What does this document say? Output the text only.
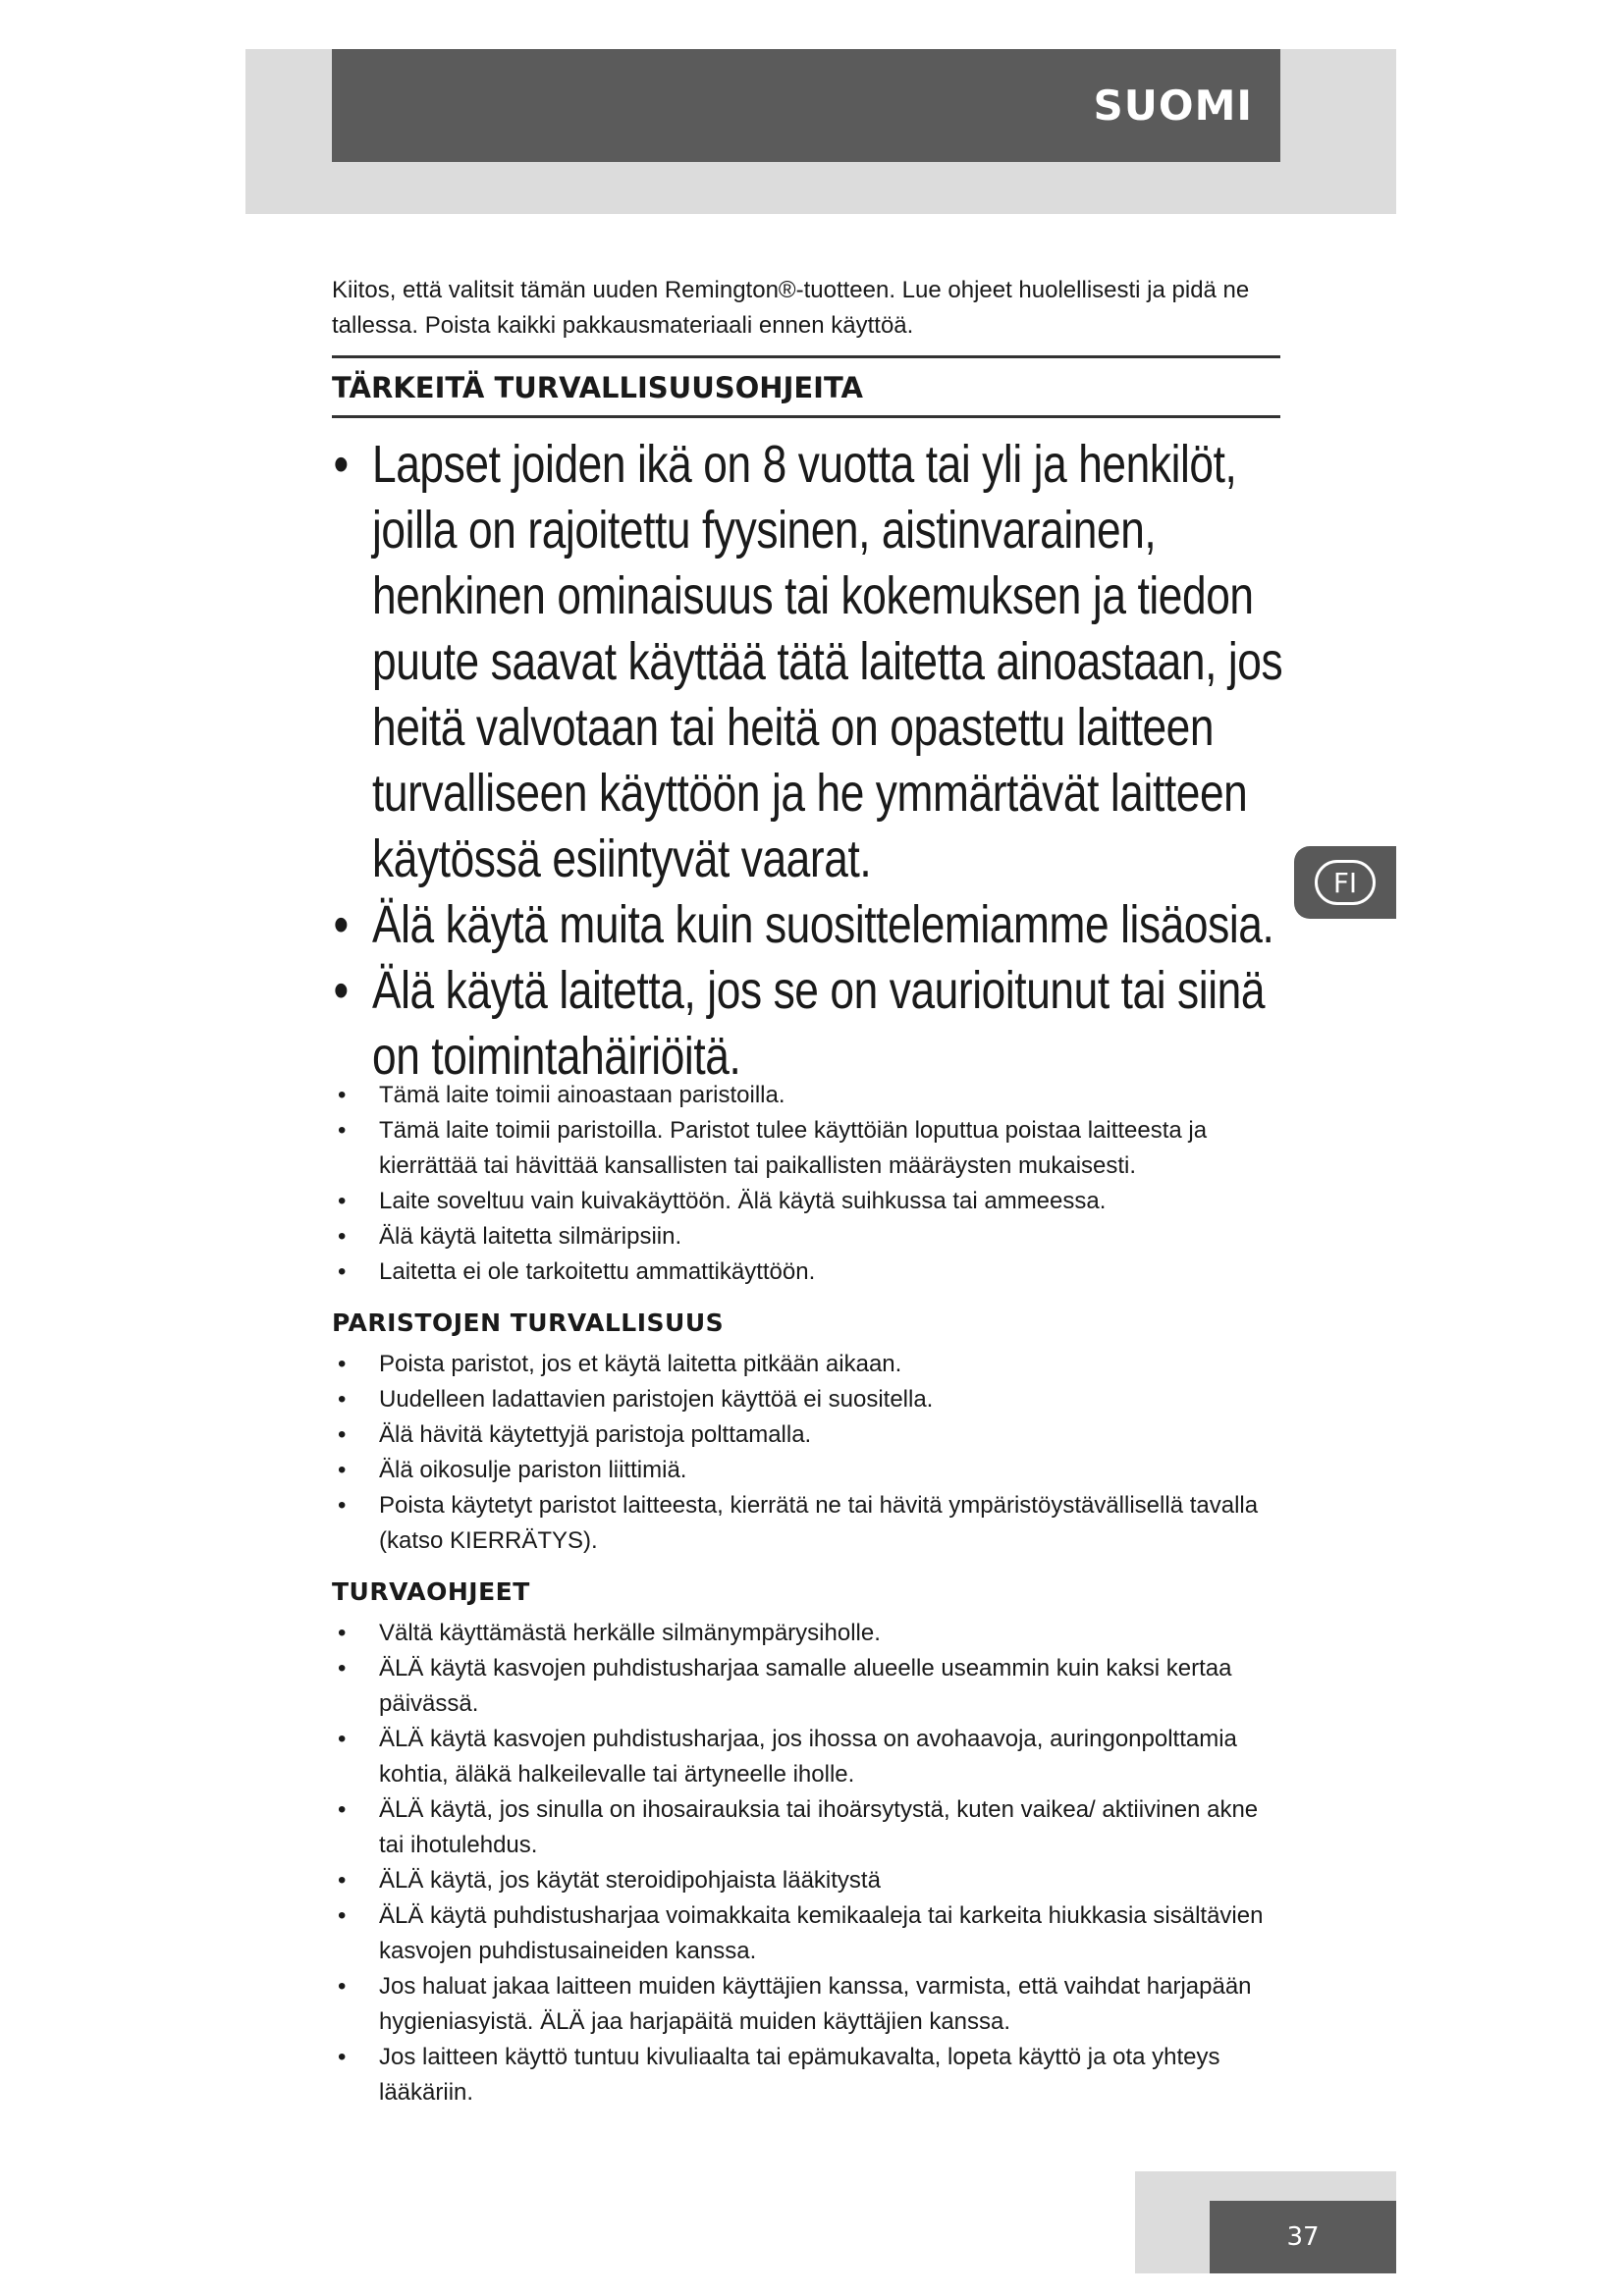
SUOMI
FI

Kiitos, että valitsit tämän uuden Remington®-tuotteen. Lue ohjeet huolellisesti ja pidä ne tallessa. Poista kaikki pakkausmateriaali ennen käyttöä.

TÄRKEITÄ TURVALLISUUSOHJEITA
• Lapset joiden ikä on 8 vuotta tai yli ja henkilöt, joilla on rajoitettu fyysinen, aistinvarainen, henkinen ominaisuus tai kokemuksen ja tiedon puute saavat käyttää tätä laitetta ainoastaan, jos heitä valvotaan tai heitä on opastettu laitteen turvalliseen käyttöön ja he ymmärtävät laitteen käytössä esiintyvät vaarat.
• Älä käytä muita kuin suosittelemiamme lisäosia.
• Älä käytä laitetta, jos se on vaurioitunut tai siinä on toimintahäiriöitä.
• Tämä laite toimii ainoastaan paristoilla.
• Tämä laite toimii paristoilla. Paristot tulee käyttöiän loputtua poistaa laitteesta ja kierrättää tai hävittää kansallisten tai paikallisten määräysten mukaisesti.
• Laite soveltuu vain kuivakäyttöön. Älä käytä suihkussa tai ammeessa.
• Älä käytä laitetta silmäripsiin.
• Laitetta ei ole tarkoitettu ammattikäyttöön.
PARISTOJEN TURVALLISUUS
• Poista paristot, jos et käytä laitetta pitkään aikaan.
• Uudelleen ladattavien paristojen käyttöä ei suositella.
• Älä hävitä käytettyjä paristoja polttamalla.
• Älä oikosulje pariston liittimiä.
• Poista käytetyt paristot laitteesta, kierrätä ne tai hävitä ympäristöystävällisellä tavalla (katso KIERRÄTYS).
TURVAOHJEET
• Vältä käyttämästä herkälle silmänympärysiholle.
• ÄLÄ käytä kasvojen puhdistusharjaa samalle alueelle useammin kuin kaksi kertaa päivässä.
• ÄLÄ käytä kasvojen puhdistusharjaa, jos ihossa on avohaavoja, auringonpolttamia kohtia, äläkä halkeilevalle tai ärtyneelle iholle.
• ÄLÄ käytä, jos sinulla on ihosairauksia tai ihoärsytystä, kuten vaikea/ aktiivinen akne tai ihotulehdus.
• ÄLÄ käytä, jos käytät steroidipohjaista lääkitystä
• ÄLÄ käytä puhdistusharjaa voimakkaita kemikaaleja tai karkeita hiukkasia sisältävien kasvojen puhdistusaineiden kanssa.
• Jos haluat jakaa laitteen muiden käyttäjien kanssa, varmista, että vaihdat harjapään hygieniasyistä. ÄLÄ jaa harjapäitä muiden käyttäjien kanssa.
• Jos laitteen käyttö tuntuu kivuliaalta tai epämukavalta, lopeta käyttö ja ota yhteys lääkäriin.
37
